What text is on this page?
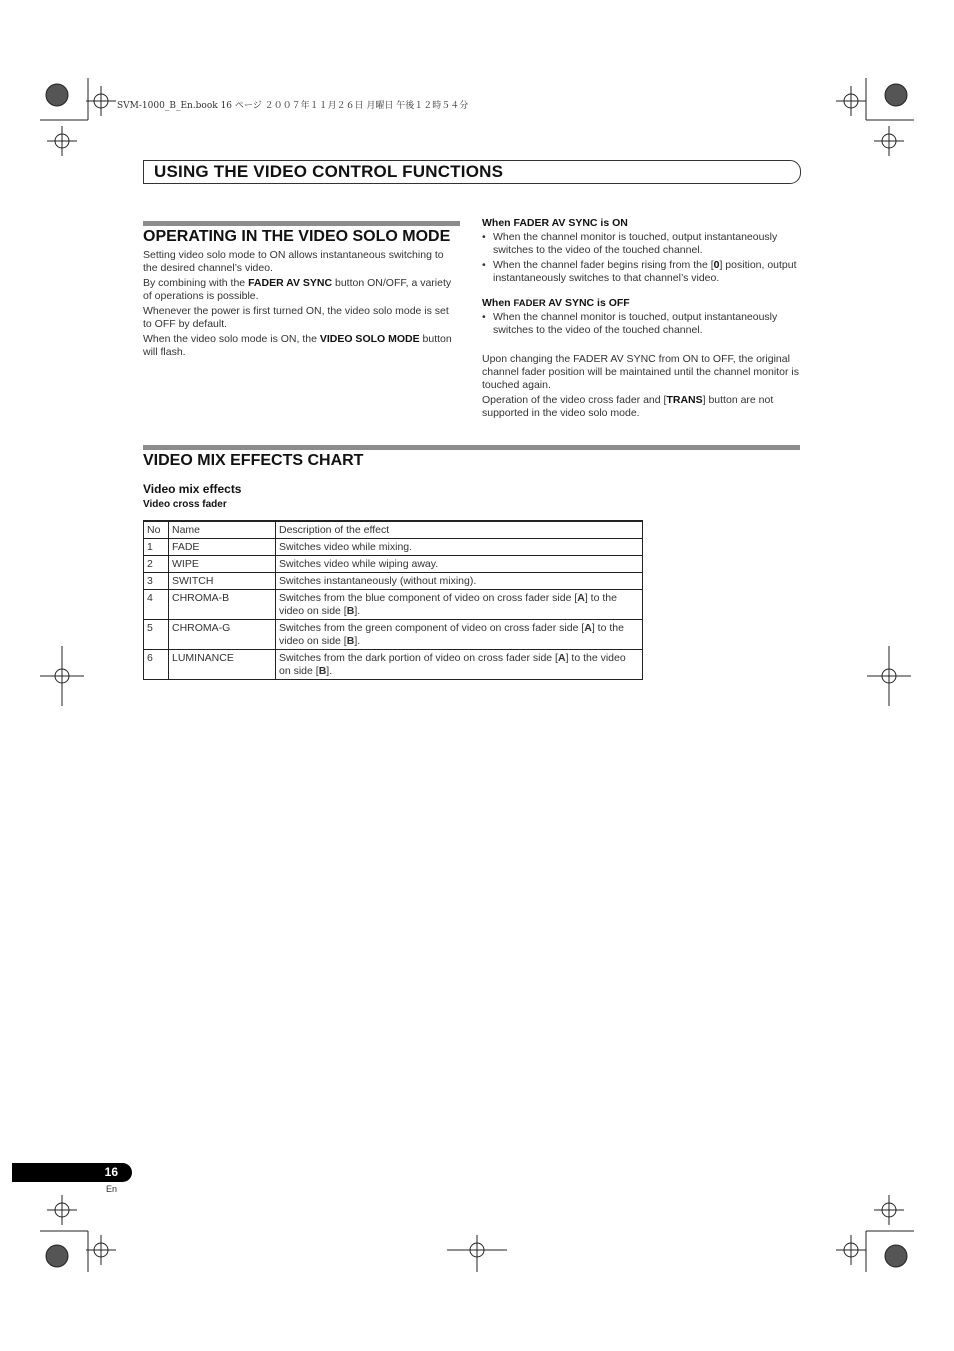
SVM-1000_B_En.book 16 ページ ２００７年１１月２６日 月曜日 午後１２時５４分
USING THE VIDEO CONTROL FUNCTIONS
OPERATING IN THE VIDEO SOLO MODE
Setting video solo mode to ON allows instantaneous switching to the desired channel’s video.
By combining with the FADER AV SYNC button ON/OFF, a variety of operations is possible.
Whenever the power is first turned ON, the video solo mode is set to OFF by default.
When the video solo mode is ON, the VIDEO SOLO MODE button will flash.
When FADER AV SYNC is ON
• When the channel monitor is touched, output instantaneously switches to the video of the touched channel.
• When the channel fader begins rising from the [0] position, output instantaneously switches to that channel’s video.
When FADER AV SYNC is OFF
• When the channel monitor is touched, output instantaneously switches to the video of the touched channel.
Upon changing the FADER AV SYNC from ON to OFF, the original channel fader position will be maintained until the channel monitor is touched again.
Operation of the video cross fader and [TRANS] button are not supported in the video solo mode.
VIDEO MIX EFFECTS CHART
Video mix effects
Video cross fader
No	Name	Description of the effect
1	FADE	Switches video while mixing.
2	WIPE	Switches video while wiping away.
3	SWITCH	Switches instantaneously (without mixing).
4	CHROMA-B	Switches from the blue component of video on cross fader side [A] to the video on side [B].
5	CHROMA-G	Switches from the green component of video on cross fader side [A] to the video on side [B].
6	LUMINANCE	Switches from the dark portion of video on cross fader side [A] to the video on side [B].
16
En
